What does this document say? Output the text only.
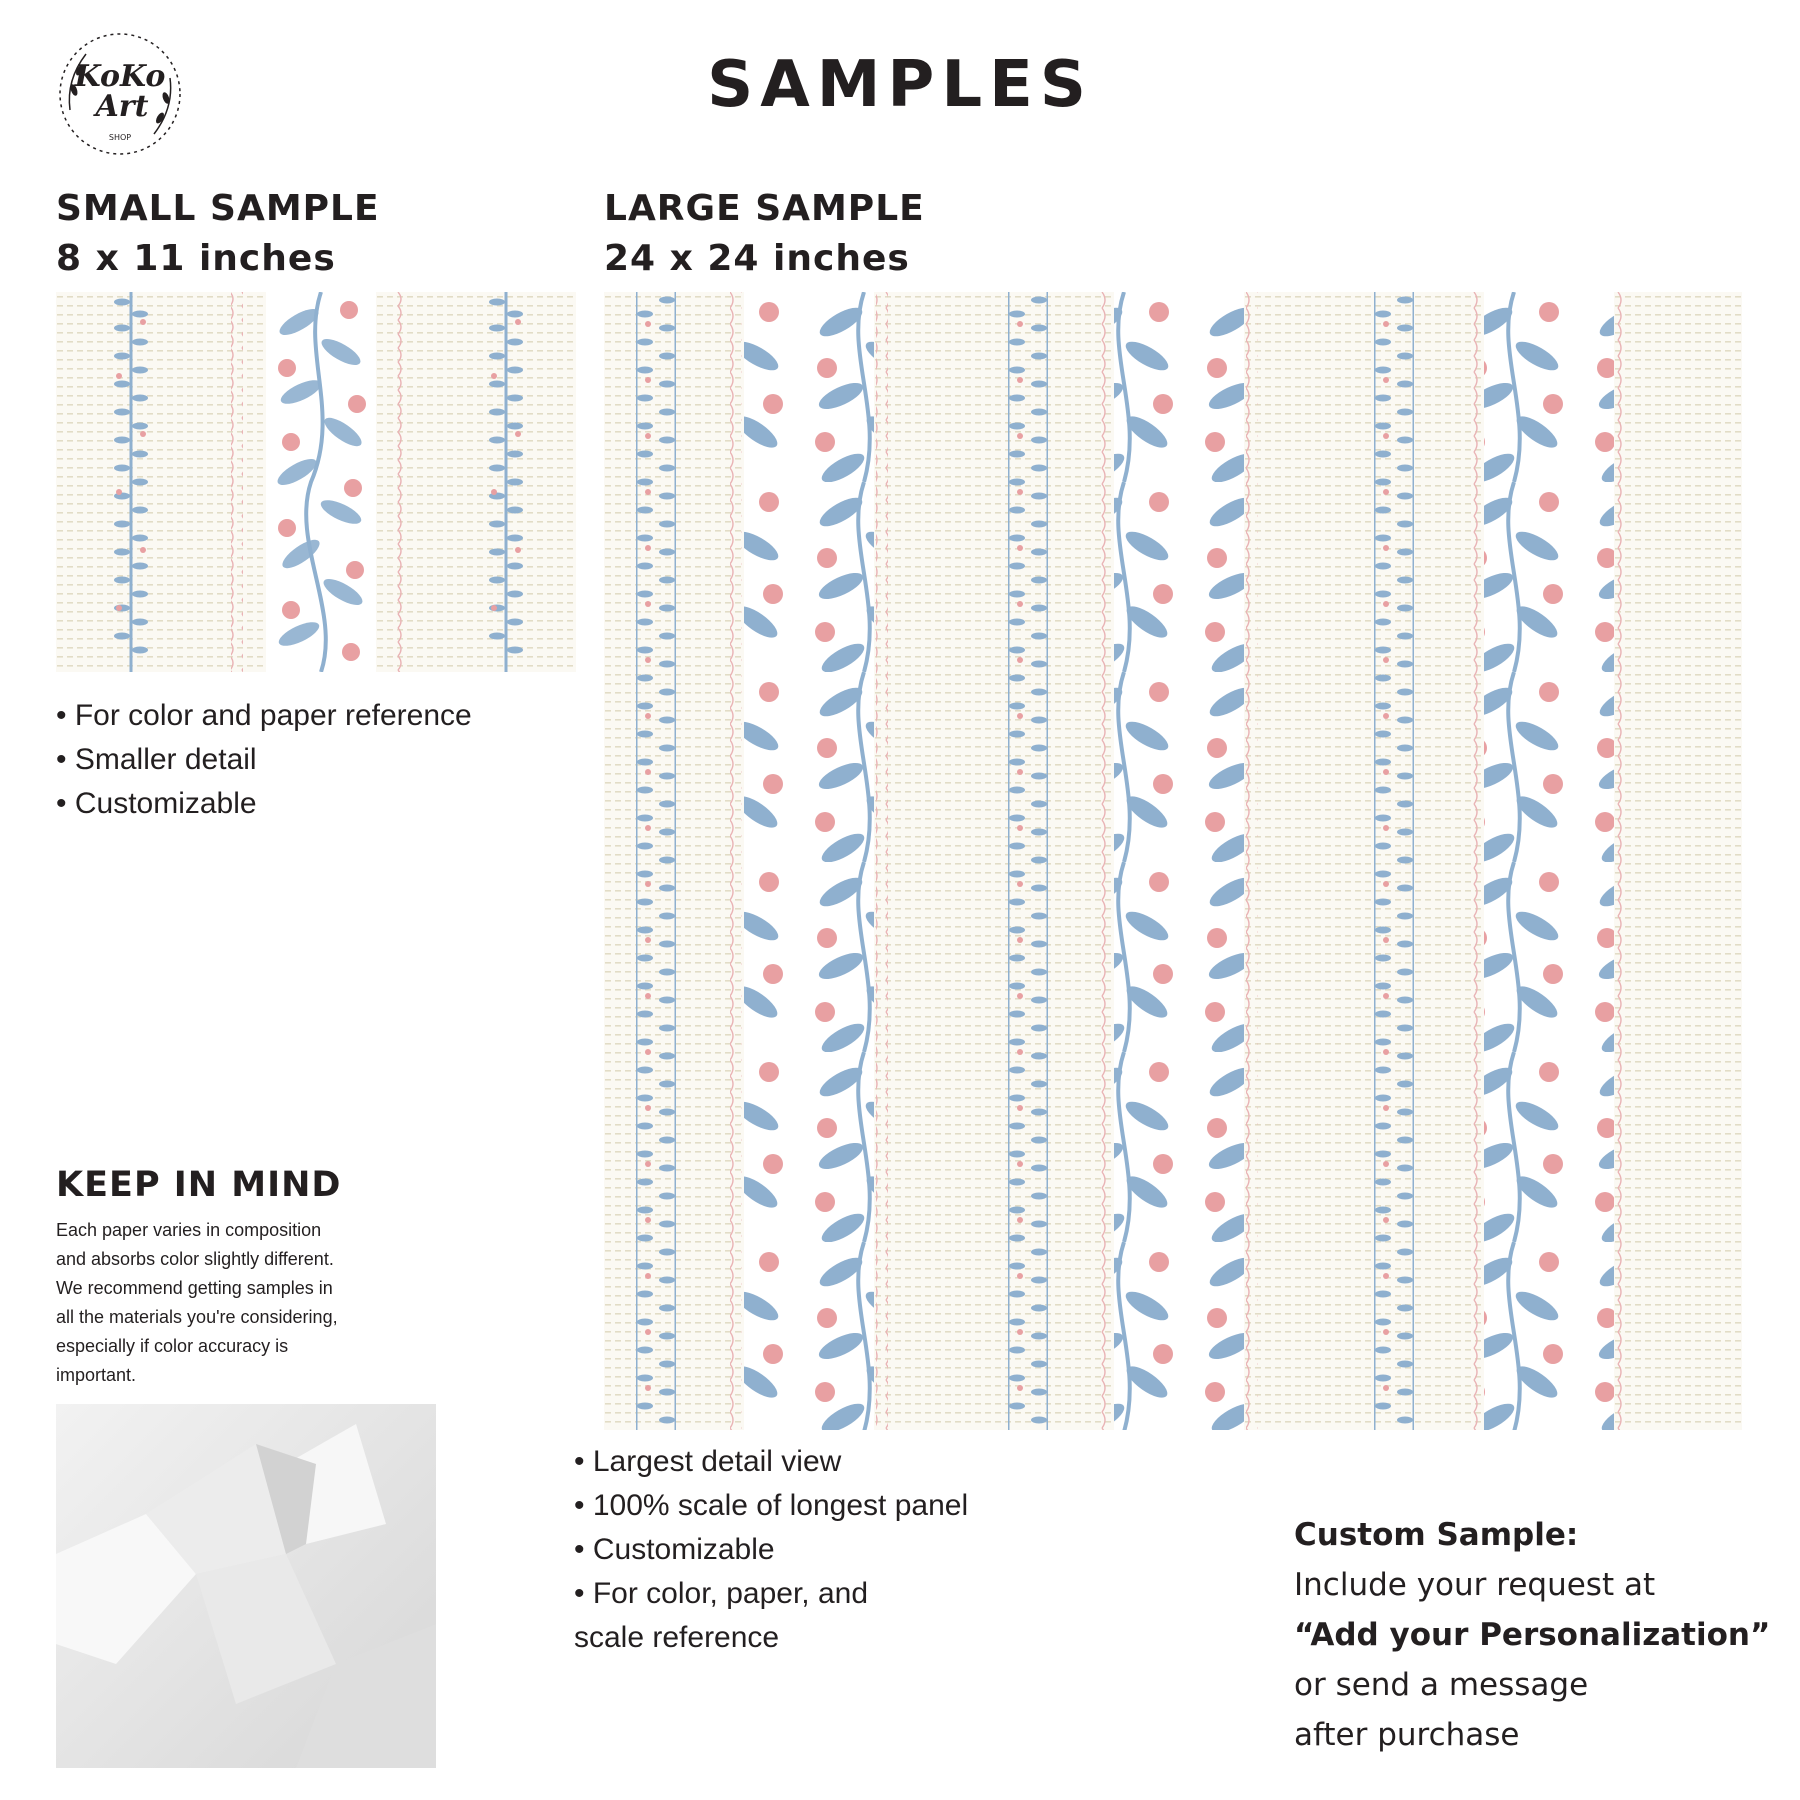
KoKo
Art
SHOP
SAMPLES
SMALL SAMPLE
8 x 11 inches
LARGE SAMPLE
24 x 24 inches
• For color and paper reference
• Smaller detail
• Customizable
KEEP IN MIND
Each paper varies in composition
and absorbs color slightly different.
We recommend getting samples in
all the materials you're considering,
especially if color accuracy is
important.
• Largest detail view
• 100% scale of longest panel
• Customizable
• For color, paper, and
scale reference
Custom Sample:
Include your request at
“Add your Personalization”
or send a message
after purchase
